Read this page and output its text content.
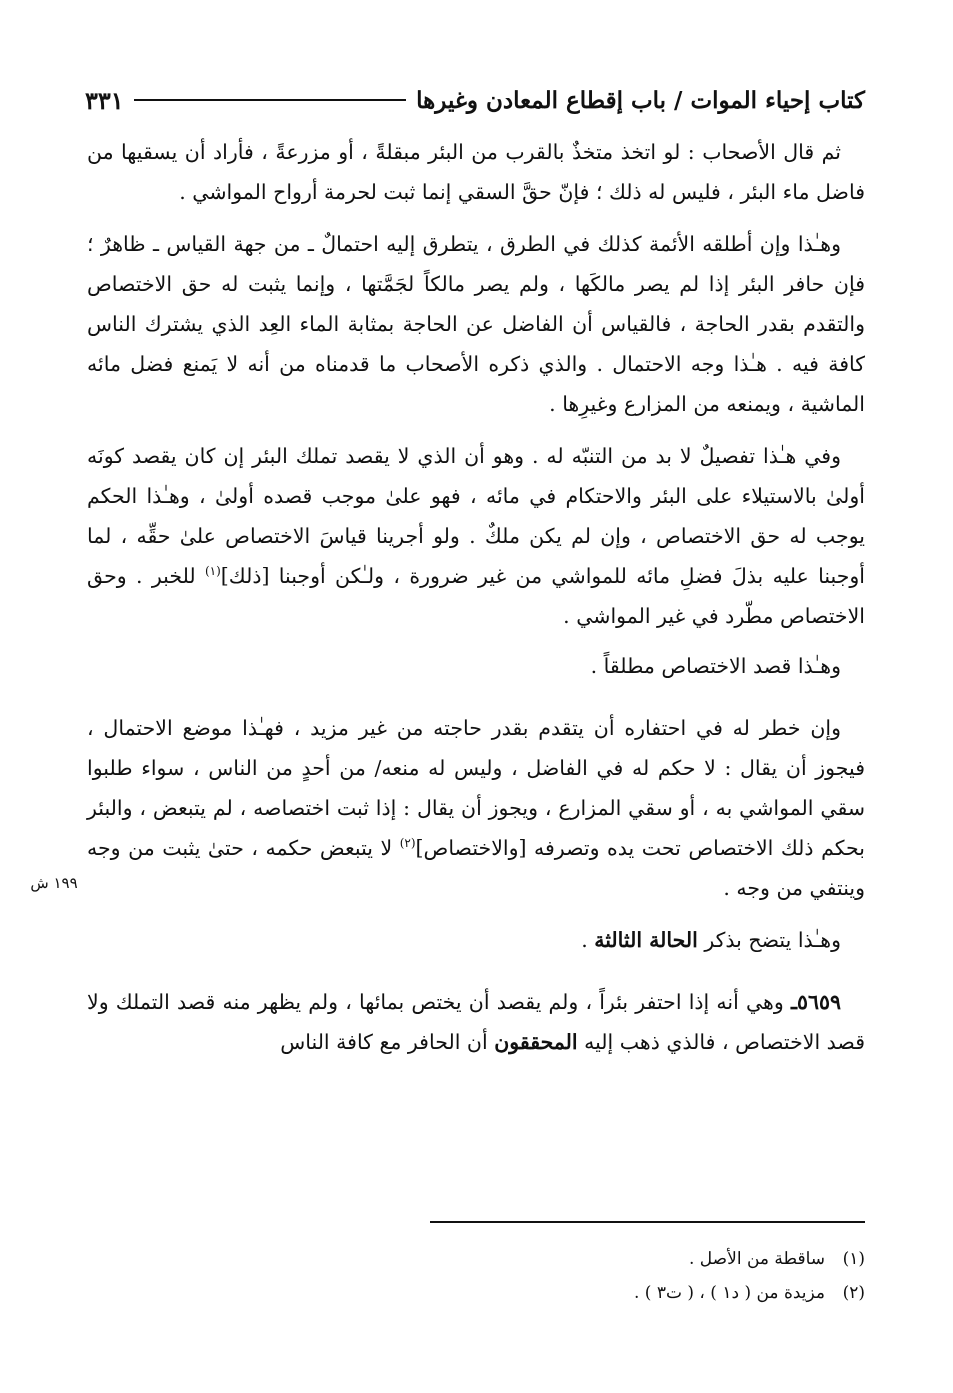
كتاب إحياء الموات / باب إقطاع المعادن وغيرها
٣٣١
١٩٩ ش

ثم قال الأصحاب : لو اتخذ متخذٌ بالقرب من البئر مبقلةً ، أو مزرعةً ، فأراد أن يسقيها من فاضل ماء البئر ، فليس له ذلك ؛ فإنّ حقَّ السقي إنما ثبت لحرمة أرواح المواشي .

وهـٰذا وإن أطلقه الأئمة كذلك في الطرق ، يتطرق إليه احتمالٌ ـ من جهة القياس ـ ظاهرٌ ؛ فإن حافر البئر إذا لم يصر مالكَها ، ولم يصر مالكاً لجَمَّتها ، وإنما يثبت له حق الاختصاص والتقدم بقدر الحاجة ، فالقياس أن الفاضل عن الحاجة بمثابة الماء العِد الذي يشترك الناس كافة فيه . هـٰذا وجه الاحتمال . والذي ذكره الأصحاب ما قدمناه من أنه لا يَمنع فضل مائه الماشية ، ويمنعه من المزارع وغيرِها .

وفي هـٰذا تفصيلٌ لا بد من التنبّه له . وهو أن الذي لا يقصد تملك البئر إن كان يقصد كونَه أولىٰ بالاستيلاء على البئر والاحتكام في مائه ، فهو علىٰ موجب قصده أولىٰ ، وهـٰذا الحكم يوجب له حق الاختصاص ، وإن لم يكن ملكٌ . ولو أجرينا قياسَ الاختصاص علىٰ حقِّه ، لما أوجبنا عليه بذلَ فضلِ مائه للمواشي من غير ضرورة ، ولـٰكن أوجبنا [ذلك]$^{(١)}$ للخبر . وحق الاختصاص مطّرد في غير المواشي .

وهـٰذا قصد الاختصاص مطلقاً .

وإن خطر له في احتفاره أن يتقدم بقدر حاجته من غير مزيد ، فهـٰذا موضع الاحتمال ، فيجوز أن يقال : لا حكم له في الفاضل ، وليس له منعه/ من أحدٍ من الناس ، سواء طلبوا سقي المواشي به ، أو سقي المزارع ، ويجوز أن يقال : إذا ثبت اختصاصه ، لم يتبعض ، والبئر بحكم ذلك الاختصاص تحت يده وتصرفه [والاختصاص]$^{(٢)}$ لا يتبعض حكمه ، حتىٰ يثبت من وجه وينتفي من وجه .

وهـٰذا يتضح بذكر الحالة الثالثة .

٥٦٥٩ـ وهي أنه إذا احتفر بئراً ، ولم يقصد أن يختص بمائها ، ولم يظهر منه قصد التملك ولا قصد الاختصاص ، فالذي ذهب إليه المحققون أن الحافر مع كافة الناس

(١)
ساقطة من الأصل .
(٢)
مزيدة من ( د١ ) ، ( ت٣ ) .
